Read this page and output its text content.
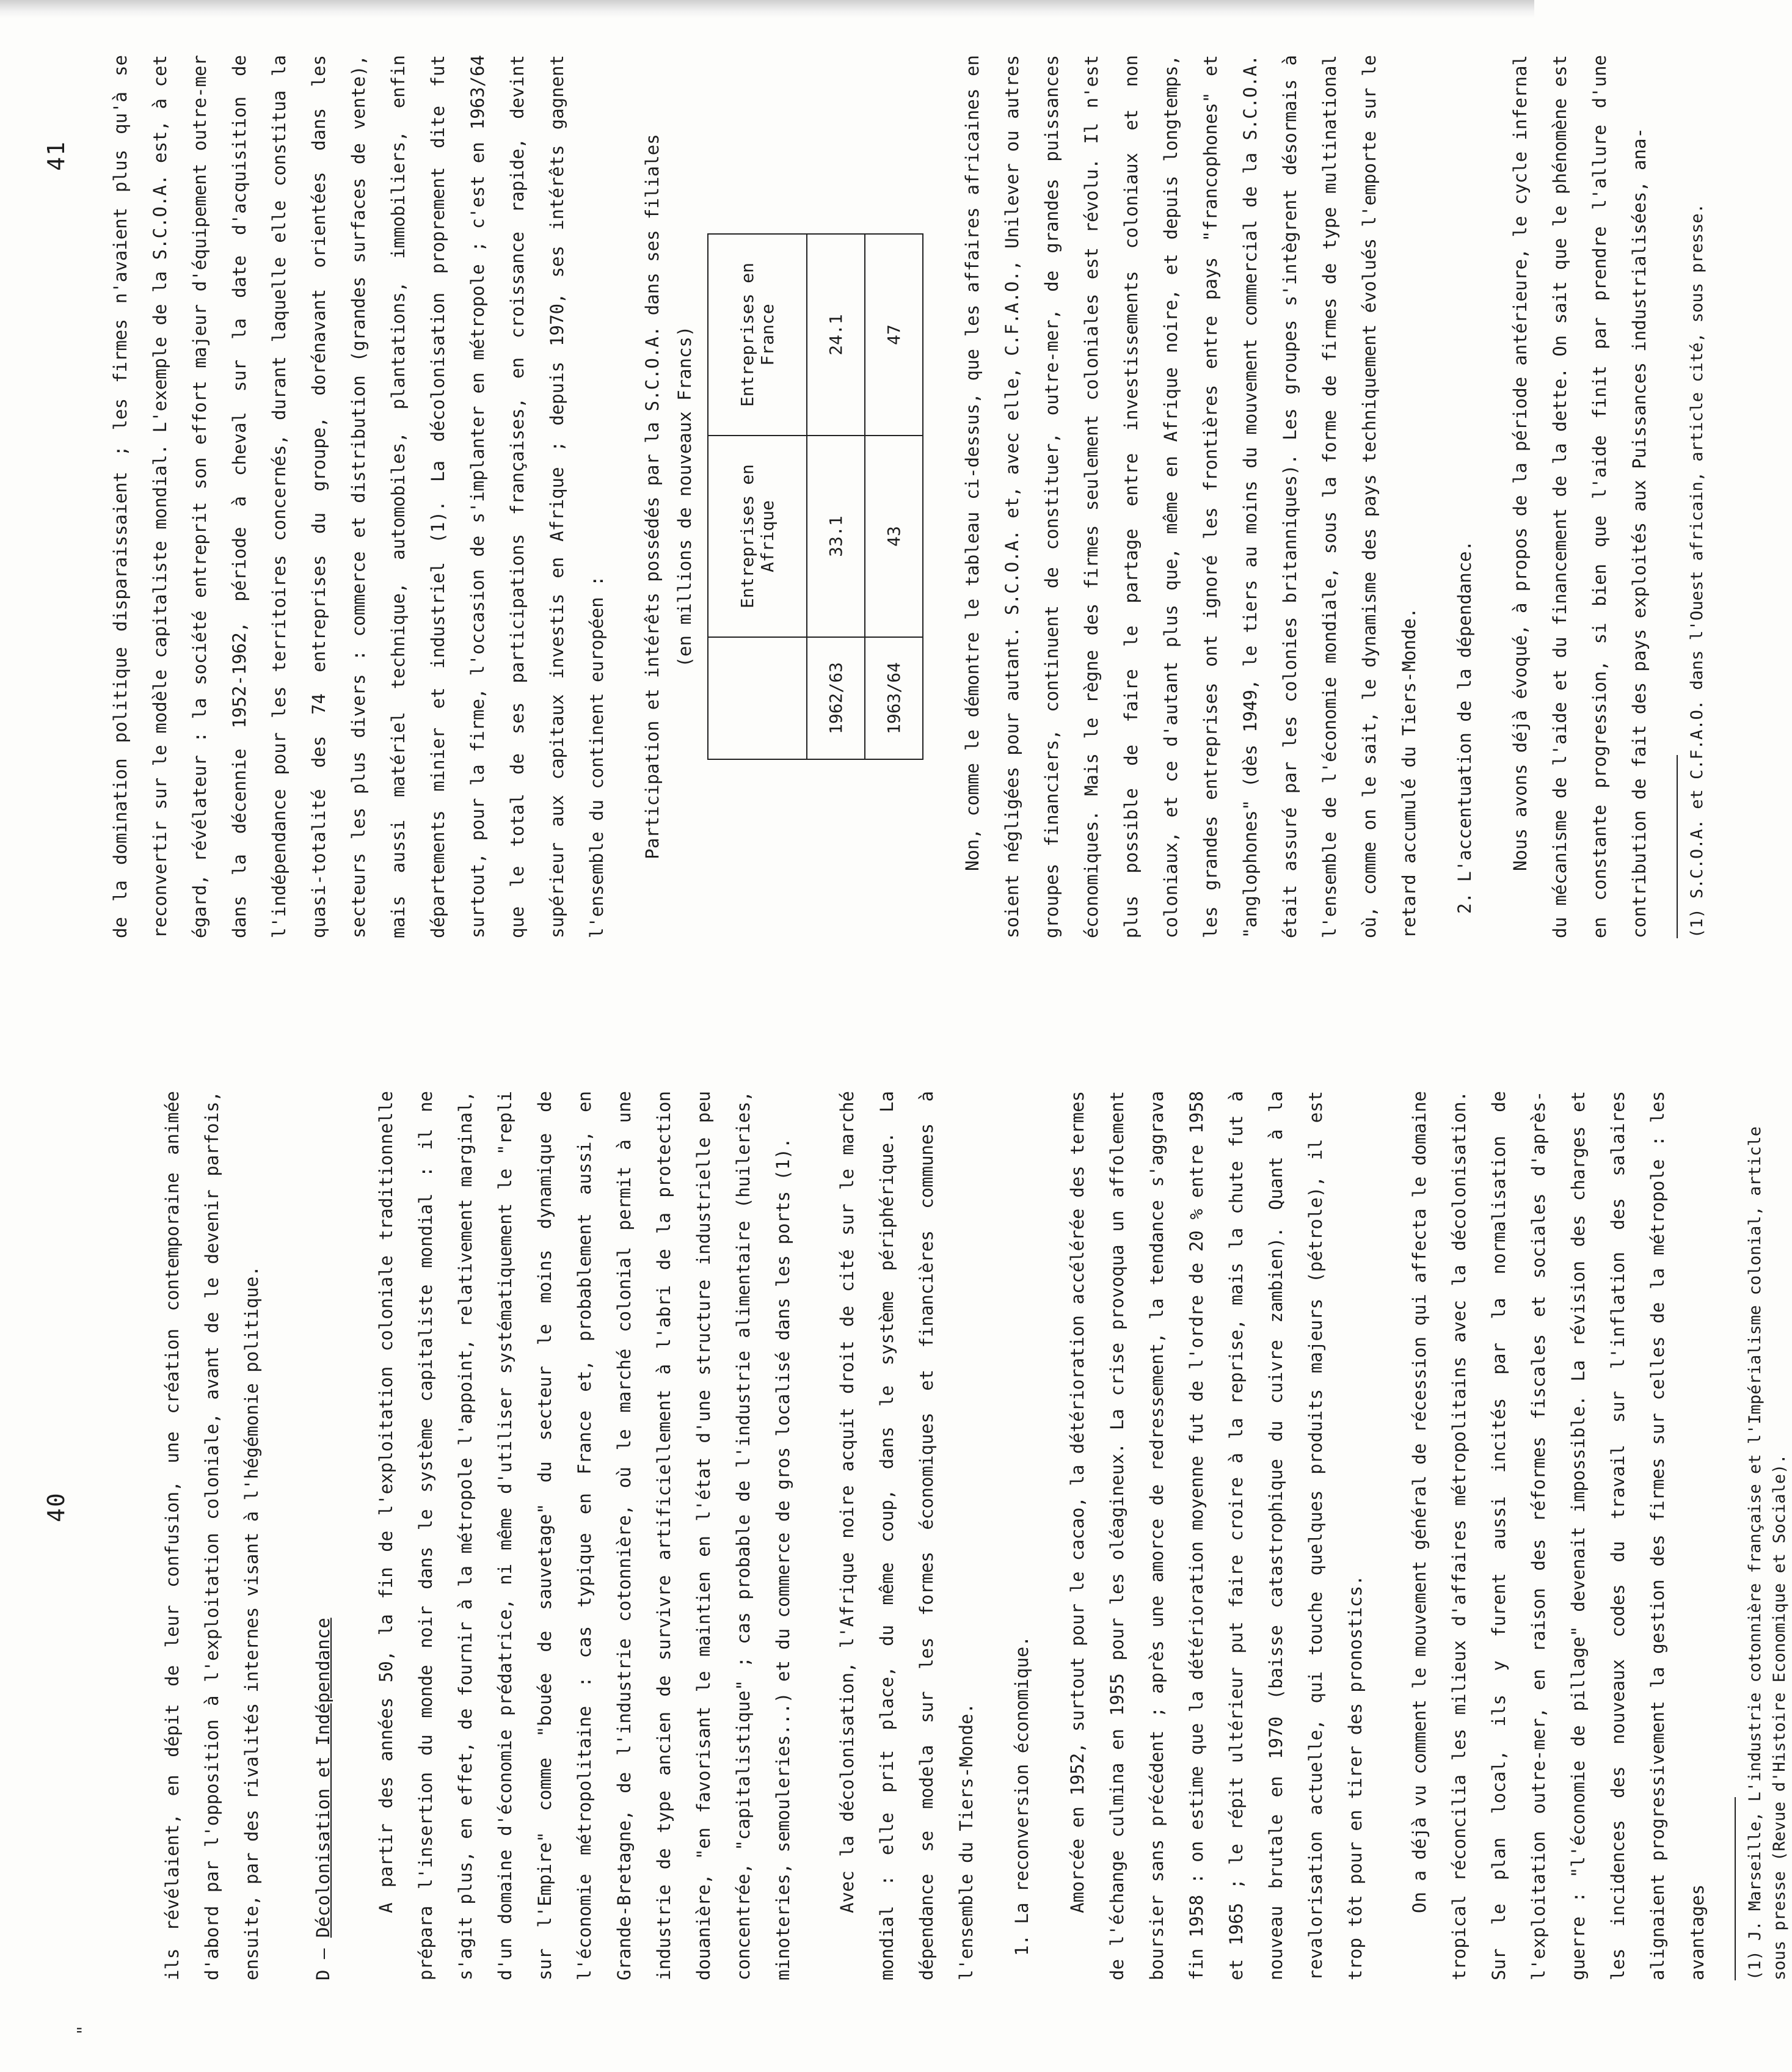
40
"

ils révélaient, en dépit de leur confusion, une création contemporaine animée d'abord par l'opposition à l'exploitation coloniale, avant de le devenir parfois, ensuite, par des rivalités internes visant à l'hégémonie politique.	D – Décolonisation et Indépendance	A partir des années 50, la fin de l'exploitation coloniale traditionnelle prépara l'insertion du monde noir dans le système capitaliste mondial : il ne s'agit plus, en effet, de fournir à la métropole l'appoint, relativement marginal, d'un domaine d'économie prédatrice, ni même d'utiliser systématiquement le "repli sur l'Empire" comme "bouée de sauvetage" du secteur le moins dynamique de l'économie métropolitaine : cas typique en France et, probablement aussi, en Grande-Bretagne, de l'industrie cotonnière, où le marché colonial permit à une industrie de type ancien de survivre artificiellement à l'abri de la protection douanière, "en favorisant le maintien en l'état d'une structure industrielle peu concentrée, "capitalistique" ; cas probable de l'industrie alimentaire (huileries, minoteries, semouleries...) et du commerce de gros localisé dans les ports (1).	Avec la décolonisation, l'Afrique noire acquit droit de cité sur le marché mondial : elle prit place, du même coup, dans le système périphérique. La dépendance se modela sur les formes économiques et financières communes à l'ensemble du Tiers-Monde.	1. La reconversion économique.	Amorcée en 1952, surtout pour le cacao, la détérioration accélérée des termes de l'échange culmina en 1955 pour les oléagineux. La crise provoqua un affolement boursier sans précédent ; après une amorce de redressement, la tendance s'aggrava fin 1958 : on estime que la détérioration moyenne fut de l'ordre de 20 % entre 1958 et 1965 ; le répit ultérieur put faire croire à la reprise, mais la chute fut à nouveau brutale en 1970 (baisse catastrophique du cuivre zambien). Quant à la revalorisation actuelle, qui touche quelques produits majeurs (pétrole), il est trop tôt pour en tirer des pronostics.	On a déjà vu comment le mouvement général de récession qui affecta le domaine tropical réconcilia les milieux d'affaires métropolitains avec la décolonisation. Sur le plan local, ils y furent aussi incités par la normalisation de l'exploitation outre-mer, en raison des réformes fiscales et sociales d'après-guerre : "l'économie de pillage" devenait impossible. La révision des charges et les incidences des nouveaux codes du travail sur l'inflation des salaires alignaient progressivement la gestion des firmes sur celles de la métropole : les avantages	(1) J. Marseille, L'industrie cotonnière française et l'Impérialisme colonial, article sous presse (Revue d'Histoire Economique et Sociale).
41	de la domination politique disparaissaient ; les firmes n'avaient plus qu'à se reconvertir sur le modèle capitaliste mondial. L'exemple de la S.C.O.A. est, à cet égard, révélateur : la société entreprit son effort majeur d'équipement outre-mer dans la décennie 1952-1962, période à cheval sur la date d'acquisition de l'indépendance pour les territoires concernés, durant laquelle elle constitua la quasi-totalité des 74 entreprises du groupe, dorénavant orientées dans les secteurs les plus divers : commerce et distribution (grandes surfaces de vente), mais aussi matériel technique, automobiles, plantations, immobiliers, enfin départements minier et industriel (1). La décolonisation proprement dite fut surtout, pour la firme, l'occasion de s'implanter en métropole ; c'est en 1963/64 que le total de ses participations françaises, en croissance rapide, devint supérieur aux capitaux investis en Afrique ; depuis 1970, ses intérêts gagnent l'ensemble du continent européen :	Participation et intérêts possédés par la S.C.O.A. dans ses filiales (en millions de nouveaux Francs)
	Entreprises en Afrique	Entreprises en France
1962/63	33.1	24.1
1963/64	43	47	Non, comme le démontre le tableau ci-dessus, que les affaires africaines en soient négligées pour autant. S.C.O.A. et, avec elle, C.F.A.O., Unilever ou autres groupes financiers, continuent de constituer, outre-mer, de grandes puissances économiques. Mais le règne des firmes seulement coloniales est révolu. Il n'est plus possible de faire le partage entre investissements coloniaux et non coloniaux, et ce d'autant plus que, même en Afrique noire, et depuis longtemps, les grandes entreprises ont ignoré les frontières entre pays "francophones" et "anglophones" (dès 1949, le tiers au moins du mouvement commercial de la S.C.O.A. était assuré par les colonies britanniques). Les groupes s'intègrent désormais à l'ensemble de l'économie mondiale, sous la forme de firmes de type multinational où, comme on le sait, le dynamisme des pays techniquement évolués l'emporte sur le retard accumulé du Tiers-Monde.	2. L'accentuation de la dépendance.	Nous avons déjà évoqué, à propos de la période antérieure, le cycle infernal du mécanisme de l'aide et du financement de la dette. On sait que le phénomène est en constante progression, si bien que l'aide finit par prendre l'allure d'une contribution de fait des pays exploités aux Puissances industrialisées, ana-	(1) S.C.O.A. et C.F.A.O. dans l'Ouest africain, article cité, sous presse.
